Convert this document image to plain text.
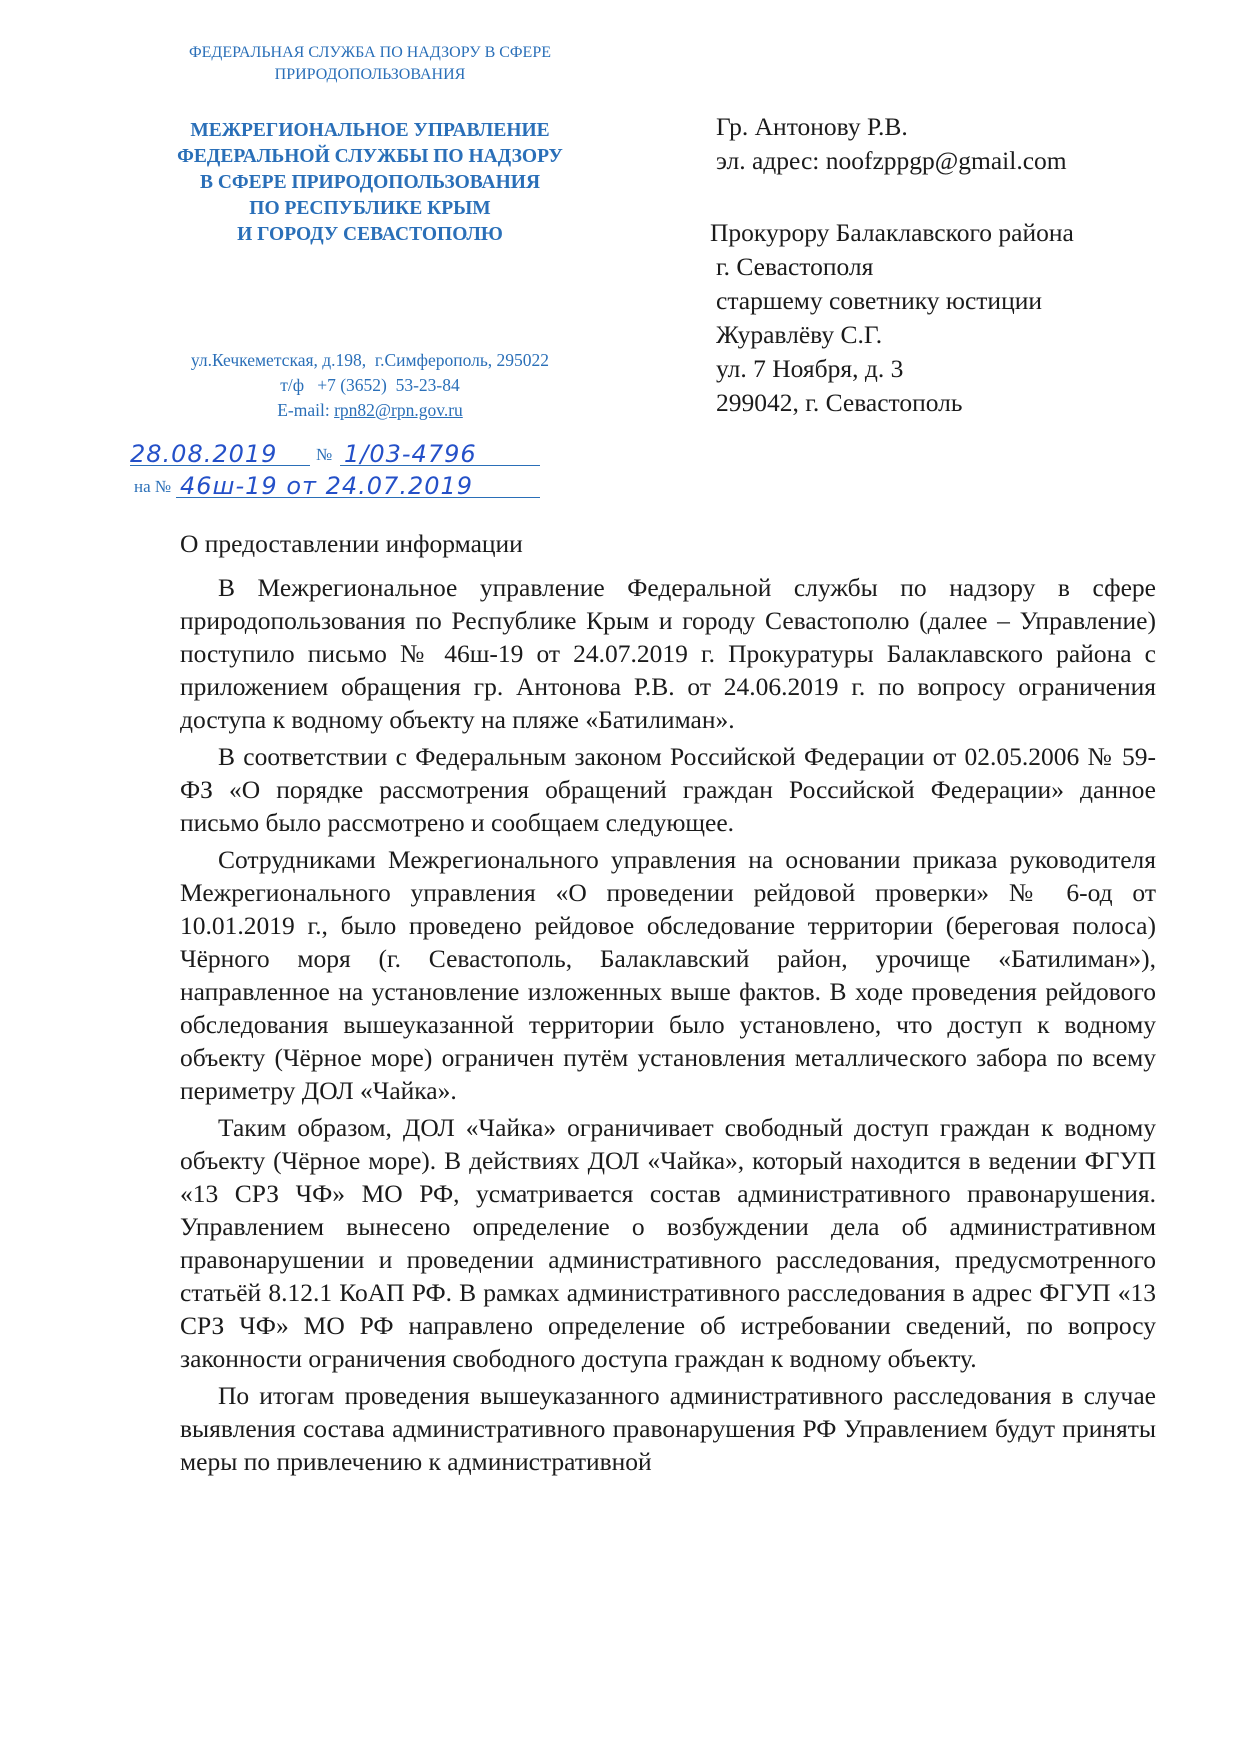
ФЕДЕРАЛЬНАЯ СЛУЖБА ПО НАДЗОРУ В СФЕРЕ
ПРИРОДОПОЛЬЗОВАНИЯ
МЕЖРЕГИОНАЛЬНОЕ УПРАВЛЕНИЕ
ФЕДЕРАЛЬНОЙ СЛУЖБЫ ПО НАДЗОРУ
В СФЕРЕ ПРИРОДОПОЛЬЗОВАНИЯ
ПО РЕСПУБЛИКЕ КРЫМ
И ГОРОДУ СЕВАСТОПОЛЮ
ул.Кечкеметская, д.198,  г.Симферополь, 295022
т/ф   +7 (3652)  53-23-84
E-mail: rpn82@rpn.gov.ru
28.08.2019 № 1/03-4796
на № 46ш-19 от 24.07.2019
Гр. Антонову Р.В.
эл. адрес: noofzppgp@gmail.com
Прокурору Балаклавского района
г. Севастополя
старшему советнику юстиции
Журавлёву С.Г.
ул. 7 Ноября, д. 3
299042, г. Севастополь
О предоставлении информации

В Межрегиональное управление Федеральной службы по надзору в сфере природопользования по Республике Крым и городу Севастополю (далее – Управление) поступило письмо № 46ш-19 от 24.07.2019 г. Прокуратуры Балаклавского района с приложением обращения гр. Антонова Р.В. от 24.06.2019 г. по вопросу ограничения доступа к водному объекту на пляже «Батилиман».

В соответствии с Федеральным законом Российской Федерации от 02.05.2006 № 59-ФЗ «О порядке рассмотрения обращений граждан Российской Федерации» данное письмо было рассмотрено и сообщаем следующее.

Сотрудниками Межрегионального управления на основании приказа руководителя Межрегионального управления «О проведении рейдовой проверки» № 6-од от 10.01.2019 г., было проведено рейдовое обследование территории (береговая полоса) Чёрного моря (г. Севастополь, Балаклавский район, урочище «Батилиман»), направленное на установление изложенных выше фактов. В ходе проведения рейдового обследования вышеуказанной территории было установлено, что доступ к водному объекту (Чёрное море) ограничен путём установления металлического забора по всему периметру ДОЛ «Чайка».

Таким образом, ДОЛ «Чайка» ограничивает свободный доступ граждан к водному объекту (Чёрное море). В действиях ДОЛ «Чайка», который находится в ведении ФГУП «13 СРЗ ЧФ» МО РФ, усматривается состав административного правонарушения. Управлением вынесено определение о возбуждении дела об административном правонарушении и проведении административного расследования, предусмотренного статьёй 8.12.1 КоАП РФ. В рамках административного расследования в адрес ФГУП «13 СРЗ ЧФ» МО РФ направлено определение об истребовании сведений, по вопросу законности ограничения свободного доступа граждан к водному объекту.

По итогам проведения вышеуказанного административного расследования в случае выявления состава административного правонарушения РФ Управлением будут приняты меры по привлечению к административной
